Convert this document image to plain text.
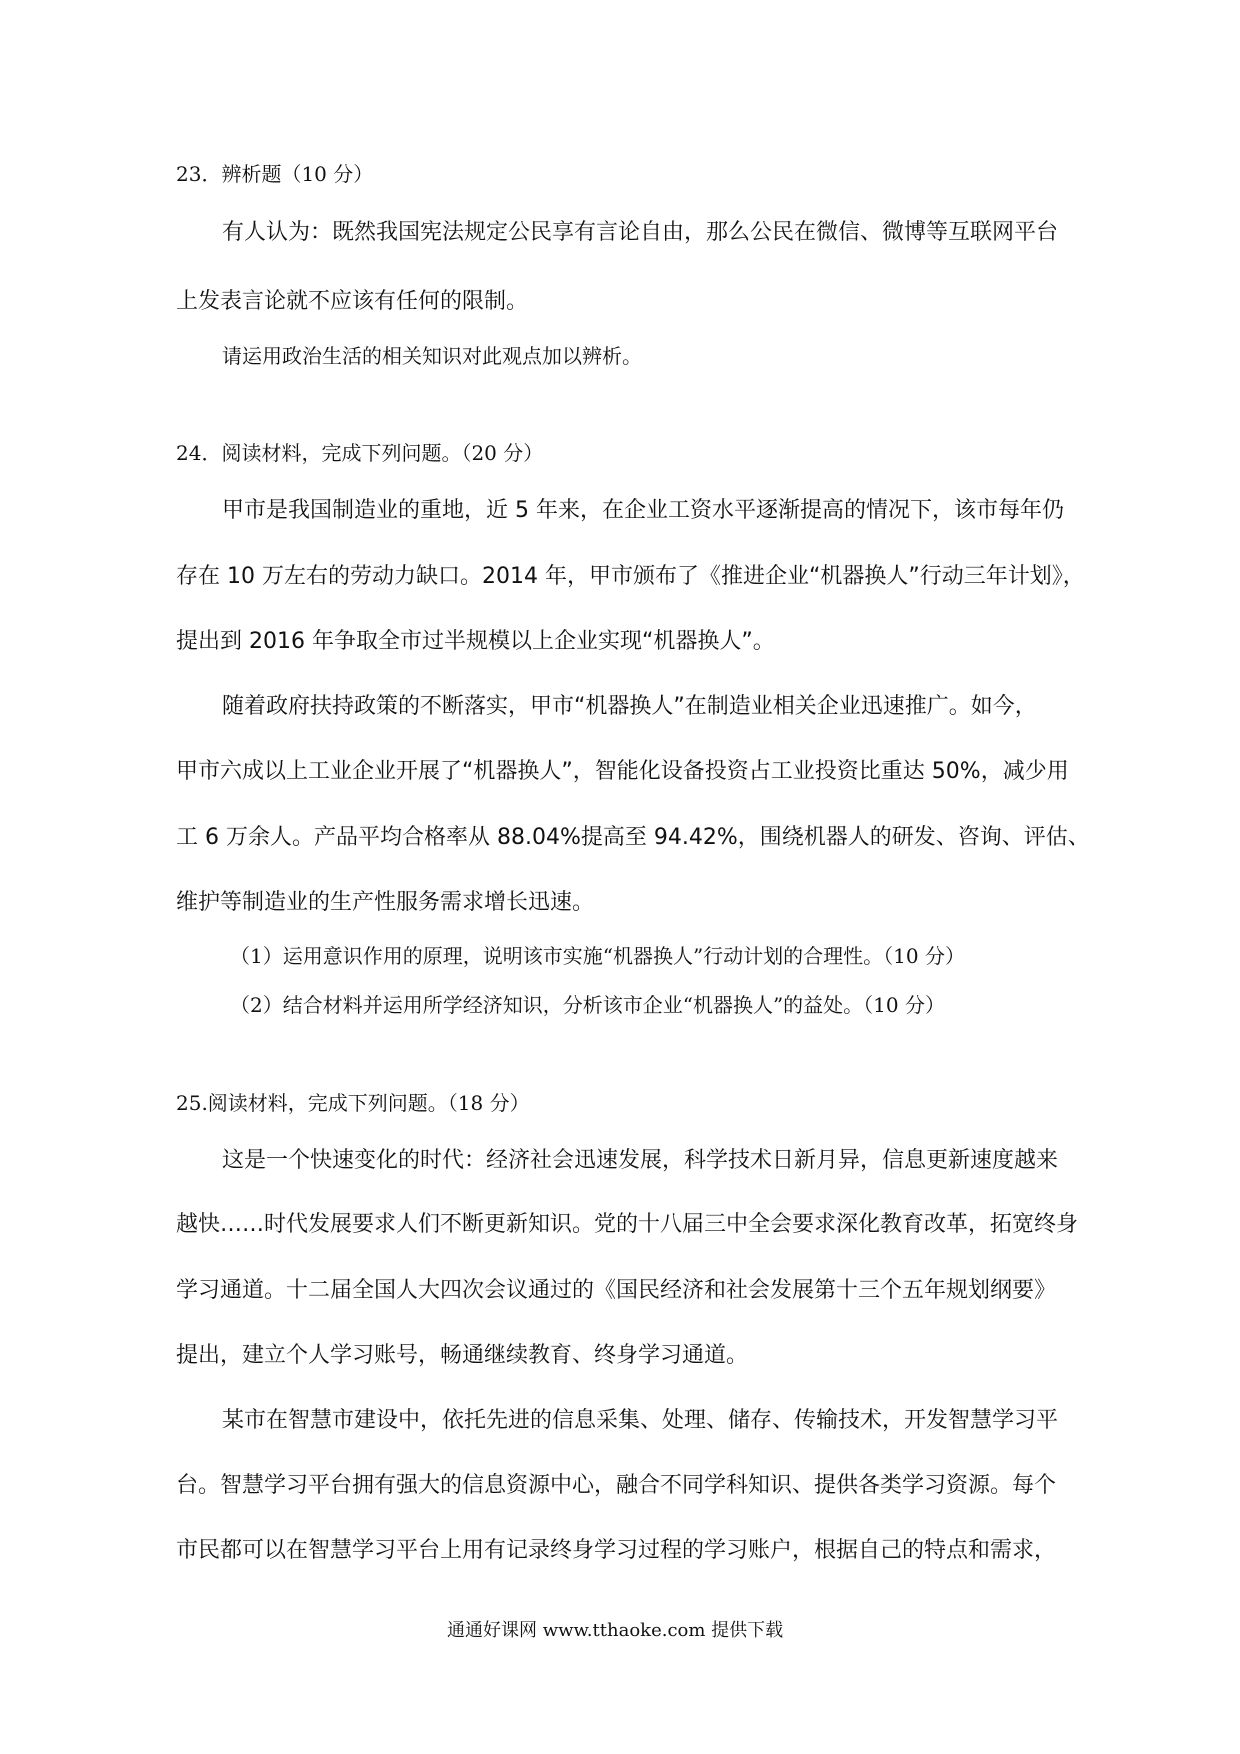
23．辨析题（10 分）
有人认为：既然我国宪法规定公民享有言论自由，那么公民在微信、微博等互联网平台
上发表言论就不应该有任何的限制。
请运用政治生活的相关知识对此观点加以辨析。
24．阅读材料，完成下列问题。（20 分）
甲市是我国制造业的重地，近 5 年来，在企业工资水平逐渐提高的情况下，该市每年仍
存在 10 万左右的劳动力缺口。2014 年，甲市颁布了《推进企业“机器换人”行动三年计划》，
提出到 2016 年争取全市过半规模以上企业实现“机器换人”。
随着政府扶持政策的不断落实，甲市“机器换人”在制造业相关企业迅速推广。如今，
甲市六成以上工业企业开展了“机器换人”，智能化设备投资占工业投资比重达 50%，减少用
工 6 万余人。产品平均合格率从 88.04%提高至 94.42%，围绕机器人的研发、咨询、评估、
维护等制造业的生产性服务需求增长迅速。
（1）运用意识作用的原理，说明该市实施“机器换人”行动计划的合理性。（10 分）
（2）结合材料并运用所学经济知识，分析该市企业“机器换人”的益处。（10 分）
25.阅读材料，完成下列问题。（18 分）
这是一个快速变化的时代：经济社会迅速发展，科学技术日新月异，信息更新速度越来
越快……时代发展要求人们不断更新知识。党的十八届三中全会要求深化教育改革，拓宽终身
学习通道。十二届全国人大四次会议通过的《国民经济和社会发展第十三个五年规划纲要》
提出，建立个人学习账号，畅通继续教育、终身学习通道。
某市在智慧市建设中，依托先进的信息采集、处理、储存、传输技术，开发智慧学习平
台。智慧学习平台拥有强大的信息资源中心，融合不同学科知识、提供各类学习资源。每个
市民都可以在智慧学习平台上用有记录终身学习过程的学习账户，根据自己的特点和需求，
通通好课网 www.tthaoke.com 提供下载
